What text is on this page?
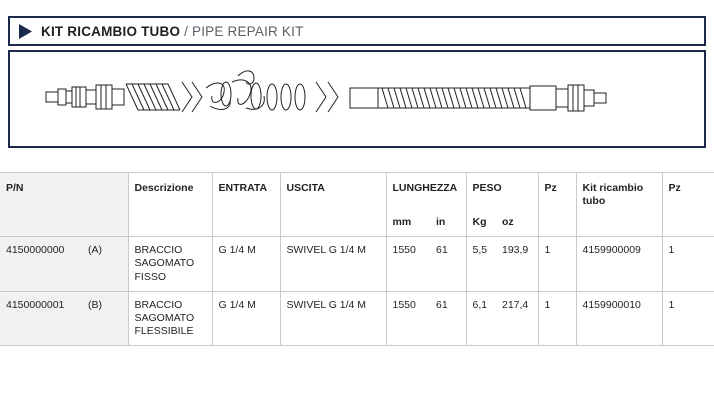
KIT RICAMBIO TUBO / PIPE REPAIR KIT
P/N	Descrizione	ENTRATA	USCITA	LUNGHEZZA		PESO		Pz	Kit ricambio tubo	Pz
				mm	in	Kg	oz			

4150000000 (A)	BRACCIO SAGOMATO FISSO	G 1/4 M	SWIVEL G 1/4 M	1550	61	5,5	193,9	1	4159900009	1

4150000001 (B)	BRACCIO SAGOMATO FLESSIBILE	G 1/4 M	SWIVEL G 1/4 M	1550	61	6,1	217,4	1	4159900010	1
